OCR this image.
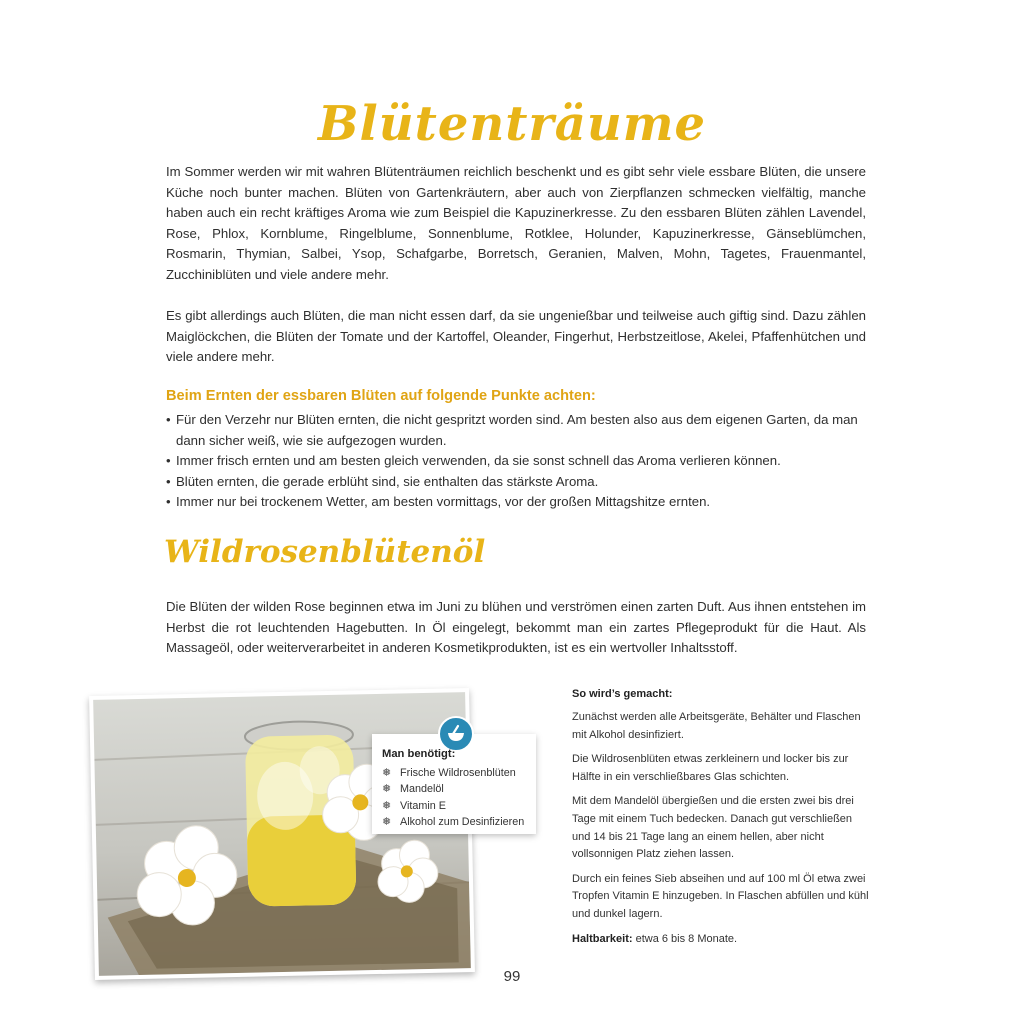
Blütenträume

Im Sommer werden wir mit wahren Blütenträumen reichlich beschenkt und es gibt sehr viele essbare Blüten, die unsere Küche noch bunter machen. Blüten von Gartenkräutern, aber auch von Zierpflanzen schmecken vielfältig, manche haben auch ein recht kräftiges Aroma wie zum Beispiel die Kapuzinerkresse. Zu den essbaren Blüten zählen Lavendel, Rose, Phlox, Kornblume, Ringelblume, Sonnenblume, Rotklee, Holunder, Kapuzinerkresse, Gänseblümchen, Rosmarin, Thymian, Salbei, Ysop, Schafgarbe, Borretsch, Geranien, Malven, Mohn, Tagetes, Frauenmantel, Zucchiniblüten und viele andere mehr.

Es gibt allerdings auch Blüten, die man nicht essen darf, da sie ungenießbar und teilweise auch giftig sind. Dazu zählen Maiglöckchen, die Blüten der Tomate und der Kartoffel, Oleander, Fingerhut, Herbstzeitlose, Akelei, Pfaffenhütchen und viele andere mehr.

Beim Ernten der essbaren Blüten auf folgende Punkte achten:
• Für den Verzehr nur Blüten ernten, die nicht gespritzt worden sind. Am besten also aus dem eigenen Garten, da man dann sicher weiß, wie sie aufgezogen wurden.
• Immer frisch ernten und am besten gleich verwenden, da sie sonst schnell das Aroma verlieren können.
• Blüten ernten, die gerade erblüht sind, sie enthalten das stärkste Aroma.
• Immer nur bei trockenem Wetter, am besten vormittags, vor der großen Mittagshitze ernten.
Wildrosenblütenöl

Die Blüten der wilden Rose beginnen etwa im Juni zu blühen und verströmen einen zarten Duft. Aus ihnen entstehen im Herbst die rot leuchtenden Hagebutten. In Öl eingelegt, bekommt man ein zartes Pflegeprodukt für die Haut. Als Massageöl, oder weiterverarbeitet in anderen Kosmetikprodukten, ist es ein wertvoller Inhaltsstoff.

Man benötigt:

❅ Frische Wildrosenblüten
❅ Mandelöl
❅ Vitamin E
❅ Alkohol zum Desinfizieren

So wird’s gemacht:

Zunächst werden alle Arbeitsgeräte, Behälter und Flaschen mit Alkohol desinfiziert.

Die Wildrosenblüten etwas zerkleinern und locker bis zur Hälfte in ein verschließbares Glas schichten.

Mit dem Mandelöl übergießen und die ersten zwei bis drei Tage mit einem Tuch bedecken. Danach gut verschließen und 14 bis 21 Tage lang an einem hellen, aber nicht vollsonnigen Platz ziehen lassen.

Durch ein feines Sieb abseihen und auf 100 ml Öl etwa zwei Tropfen Vitamin E hinzugeben. In Flaschen abfüllen und kühl und dunkel lagern.

Haltbarkeit: etwa 6 bis 8 Monate.

99
